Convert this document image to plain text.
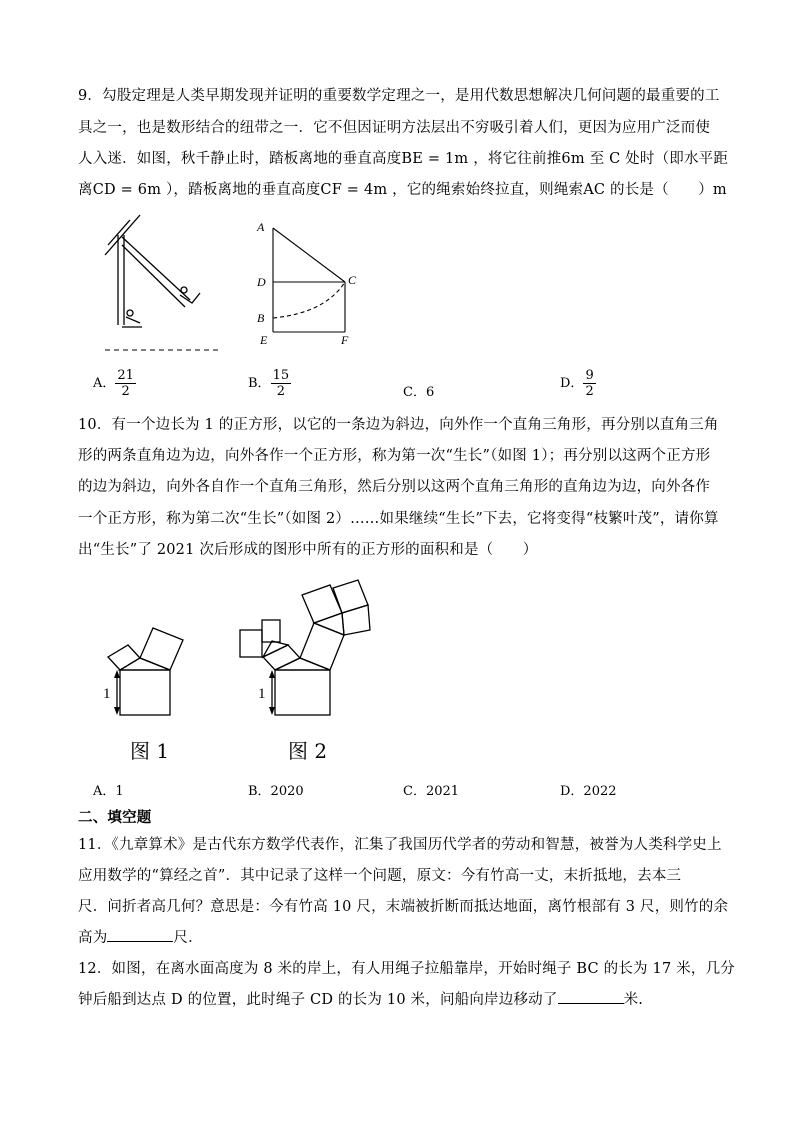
9．勾股定理是人类早期发现并证明的重要数学定理之一，是用代数思想解决几何问题的最重要的工
具之一，也是数形结合的纽带之一．它不但因证明方法层出不穷吸引着人们，更因为应用广泛而使
人入迷．如图，秋千静止时，踏板离地的垂直高度BE = 1m ，将它往前推6m 至 C 处时（即水平距
离CD = 6m ），踏板离地的垂直高度CF = 4m ，它的绳索始终拉直，则绳索AC 的长是（　　）m
A
D	C
B
E	F
A． $\frac{21}{2}$	B． $\frac{15}{2}$	C．6
D． $\frac{9}{2}$
10．有一个边长为 1 的正方形，以它的一条边为斜边，向外作一个直角三角形，再分别以直角三角
形的两条直角边为边，向外各作一个正方形，称为第一次“生长”（如图 1）；再分别以这两个正方形
的边为斜边，向外各自作一个直角三角形，然后分别以这两个直角三角形的直角边为边，向外各作
一个正方形，称为第二次“生长”（如图 2）……如果继续“生长”下去，它将变得“枝繁叶茂”，请你算
出“生长”了 2021 次后形成的图形中所有的正方形的面积和是（　　）
1
图 1
1
图 2
A．1	B．2020	C．2021	D．2022
二、填空题
11．《九章算术》是古代东方数学代表作，汇集了我国历代学者的劳动和智慧，被誉为人类科学史上
应用数学的“算经之首”．其中记录了这样一个问题，原文：今有竹高一丈，末折抵地，去本三
尺．问折者高几何？意思是：今有竹高 10 尺，末端被折断而抵达地面，离竹根部有 3 尺，则竹的余
高为	尺．
12．如图，在离水面高度为 8 米的岸上，有人用绳子拉船靠岸，开始时绳子 BC 的长为 17 米，几分
钟后船到达点 D 的位置，此时绳子 CD 的长为 10 米，问船向岸边移动了	米.
